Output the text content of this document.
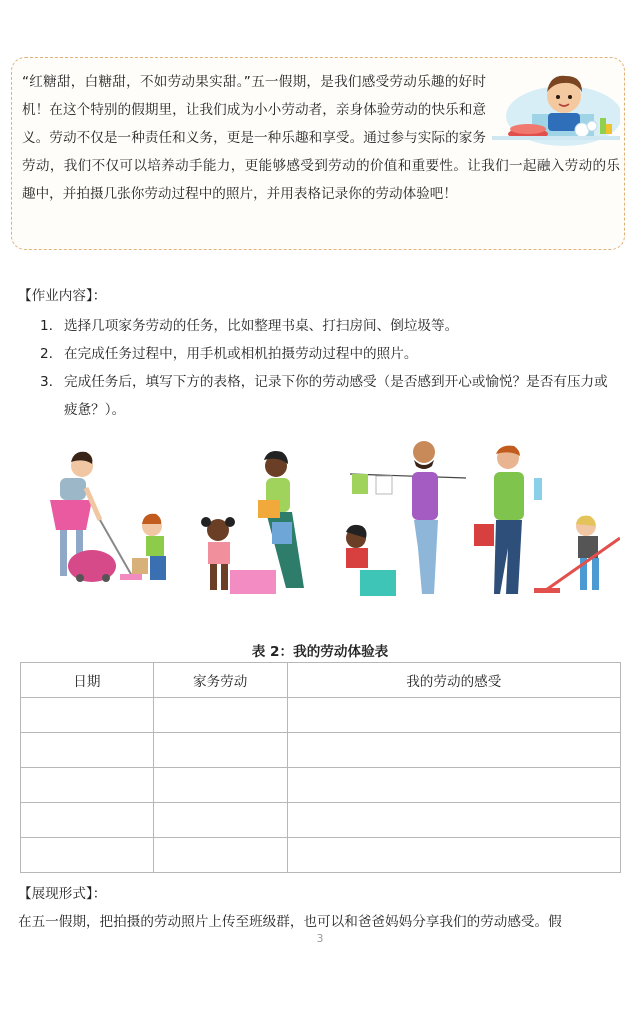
“红糖甜，白糖甜，不如劳动果实甜。”五一假期，是我们感受劳动乐趣的好时机！在这个特别的假期里，让我们成为小小劳动者，亲身体验劳动的快乐和意义。劳动不仅是一种责任和义务，更是一种乐趣和享受。通过参与实际的家务劳动，我们不仅可以培养动手能力，更能够感受到劳动的价值和重要性。让我们一起融入劳动的乐趣中，并拍摄几张你劳动过程中的照片，并用表格记录你的劳动体验吧！

【作业内容】：

1. 选择几项家务劳动的任务，比如整理书桌、打扫房间、倒垃圾等。
2. 在完成任务过程中，用手机或相机拍摄劳动过程中的照片。
3. 完成任务后，填写下方的表格，记录下你的劳动感受（是否感到开心或愉悦？是否有压力或疲惫？）。

表 2：我的劳动体验表

日期	家务劳动	我的劳动的感受

【展现形式】：

在五一假期，把拍摄的劳动照片上传至班级群，也可以和爸爸妈妈分享我们的劳动感受。假

3
